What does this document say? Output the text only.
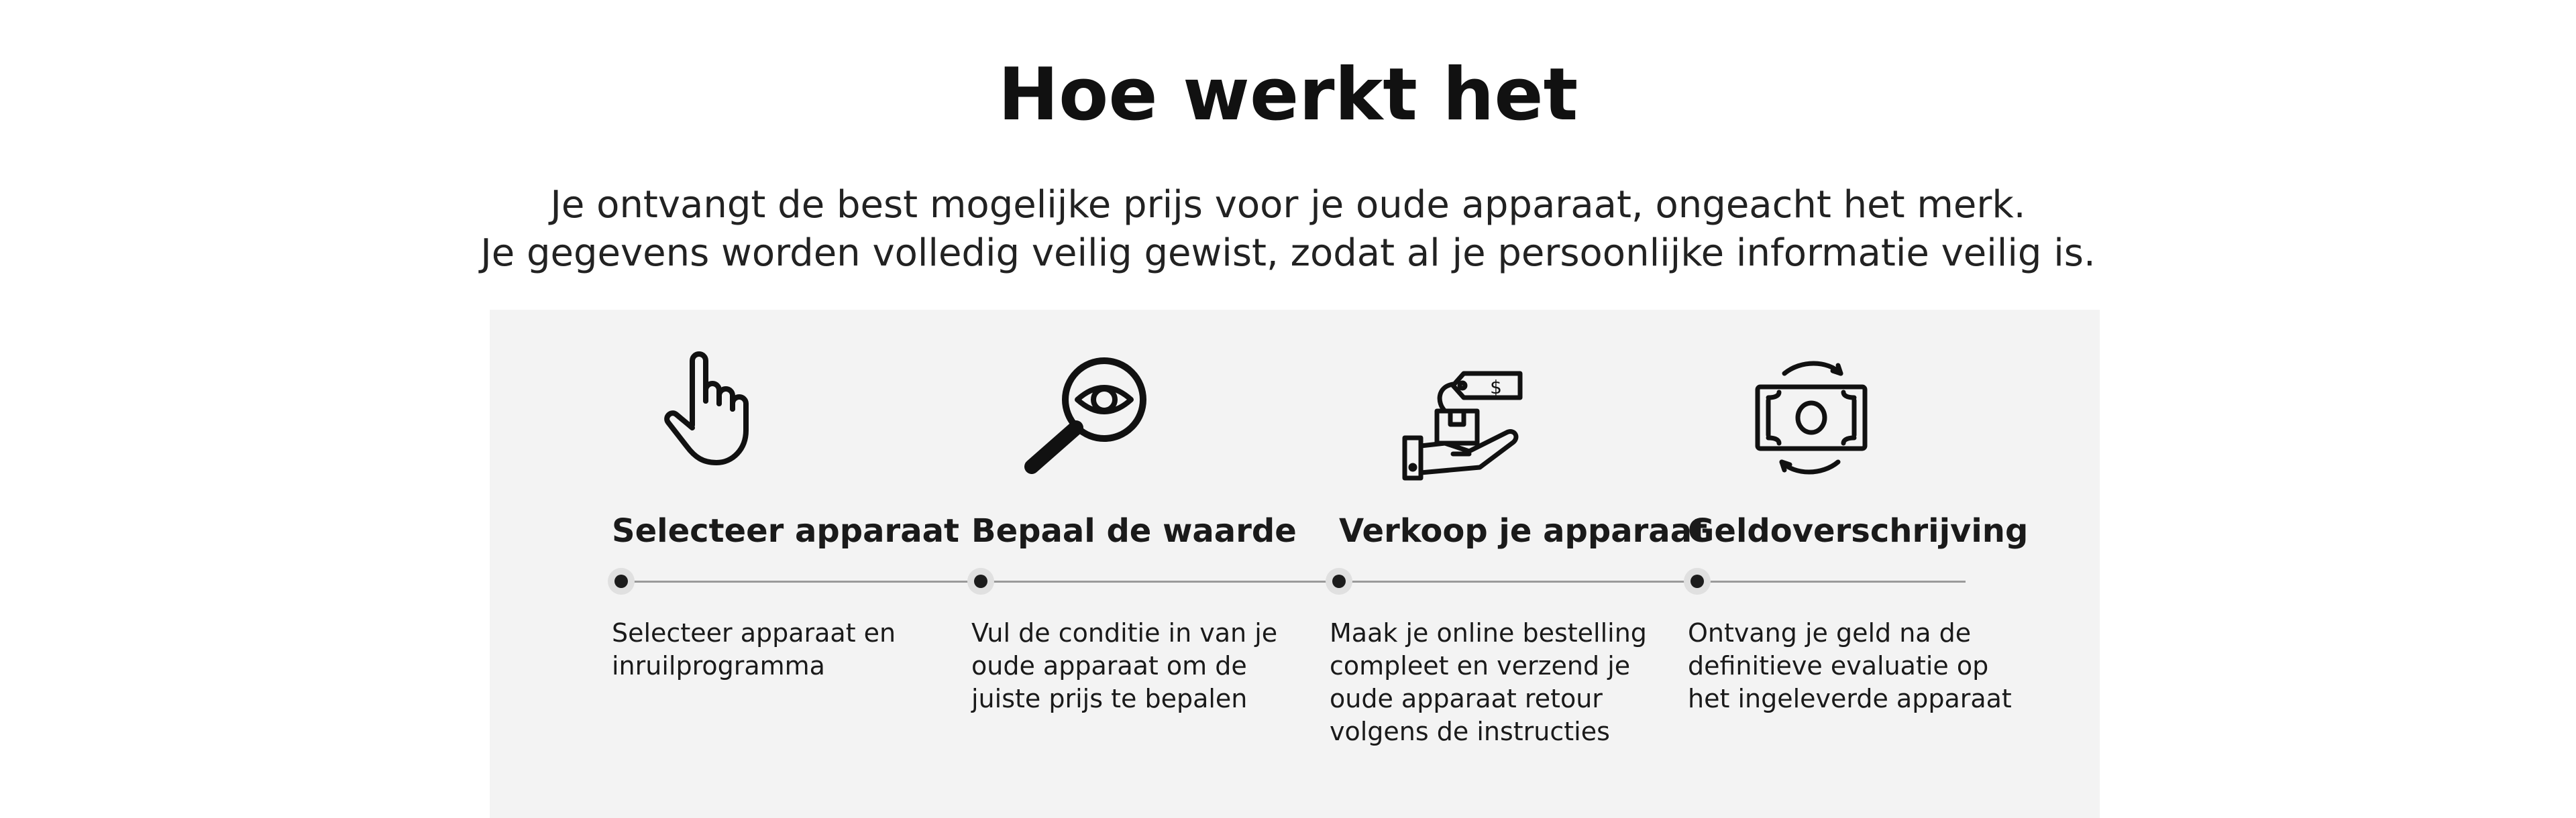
Hoe werkt het
Je ontvangt de best mogelijke prijs voor je oude apparaat, ongeacht het merk.
Je gegevens worden volledig veilig gewist, zodat al je persoonlijke informatie veilig is.
Selecteer apparaat
Selecteer apparaat en
inruilprogramma
Bepaal de waarde
Vul de conditie in van je
oude apparaat om de
juiste prijs te bepalen
$
Verkoop je apparaat
Maak je online bestelling
compleet en verzend je
oude apparaat retour
volgens de instructies
Geldoverschrijving
Ontvang je geld na de
definitieve evaluatie op
het ingeleverde apparaat
